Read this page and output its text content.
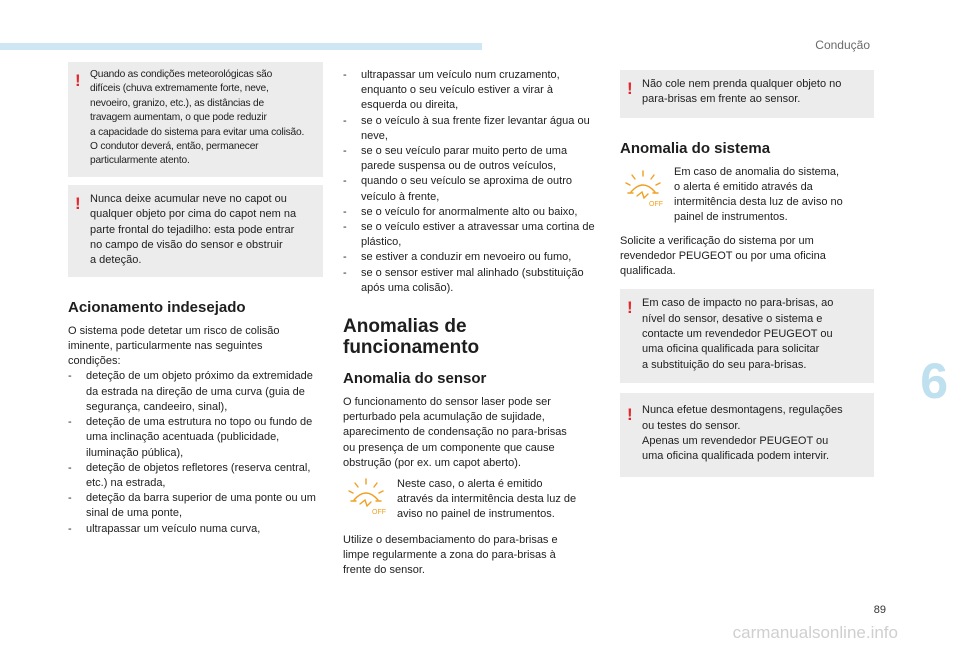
Condução
! Quando as condições meteorológicas são
difíceis (chuva extremamente forte, neve,
nevoeiro, granizo, etc.), as distâncias de
travagem aumentam, o que pode reduzir
a capacidade do sistema para evitar uma colisão.
O condutor deverá, então, permanecer
particularmente atento.

! Nunca deixe acumular neve no capot ou
qualquer objeto por cima do capot nem na
parte frontal do tejadilho: esta pode entrar
no campo de visão do sensor e obstruir
a deteção.

Acionamento indesejado

O sistema pode detetar um risco de colisão
iminente, particularmente nas seguintes
condições:

- deteção de um objeto próximo da extremidade da estrada na direção de uma curva (guia de segurança, candeeiro, sinal),
- deteção de uma estrutura no topo ou fundo de uma inclinação acentuada (publicidade, iluminação pública),
- deteção de objetos refletores (reserva central, etc.) na estrada,
- deteção da barra superior de uma ponte ou um sinal de uma ponte,
- ultrapassar um veículo numa curva,
- ultrapassar um veículo num cruzamento, enquanto o seu veículo estiver a virar à esquerda ou direita,
- se o veículo à sua frente fizer levantar água ou neve,
- se o seu veículo parar muito perto de uma parede suspensa ou de outros veículos,
- quando o seu veículo se aproxima de outro veículo à frente,
- se o veículo for anormalmente alto ou baixo,
- se o veículo estiver a atravessar uma cortina de plástico,
- se estiver a conduzir em nevoeiro ou fumo,
- se o sensor estiver mal alinhado (substituição após uma colisão).
Anomalias de
funcionamento
Anomalia do sensor

O funcionamento do sensor laser pode ser
perturbado pela acumulação de sujidade,
aparecimento de condensação no para-brisas
ou presença de um componente que cause
obstrução (por ex. um capot aberto).

OFF
Neste caso, o alerta é emitido
através da intermitência desta luz de
aviso no painel de instrumentos.

Utilize o desembaciamento do para-brisas e
limpe regularmente a zona do para-brisas à
frente do sensor.

! Não cole nem prenda qualquer objeto no
para-brisas em frente ao sensor.

Anomalia do sistema
OFF
Em caso de anomalia do sistema,
o alerta é emitido através da
intermitência desta luz de aviso no
painel de instrumentos.

Solicite a verificação do sistema por um
revendedor PEUGEOT ou por uma oficina
qualificada.

! Em caso de impacto no para-brisas, ao
nível do sensor, desative o sistema e
contacte um revendedor PEUGEOT ou
uma oficina qualificada para solicitar
a substituição do seu para-brisas.

! Nunca efetue desmontagens, regulações
ou testes do sensor.
Apenas um revendedor PEUGEOT ou
uma oficina qualificada podem intervir.

6
89
carmanualsonline.info
